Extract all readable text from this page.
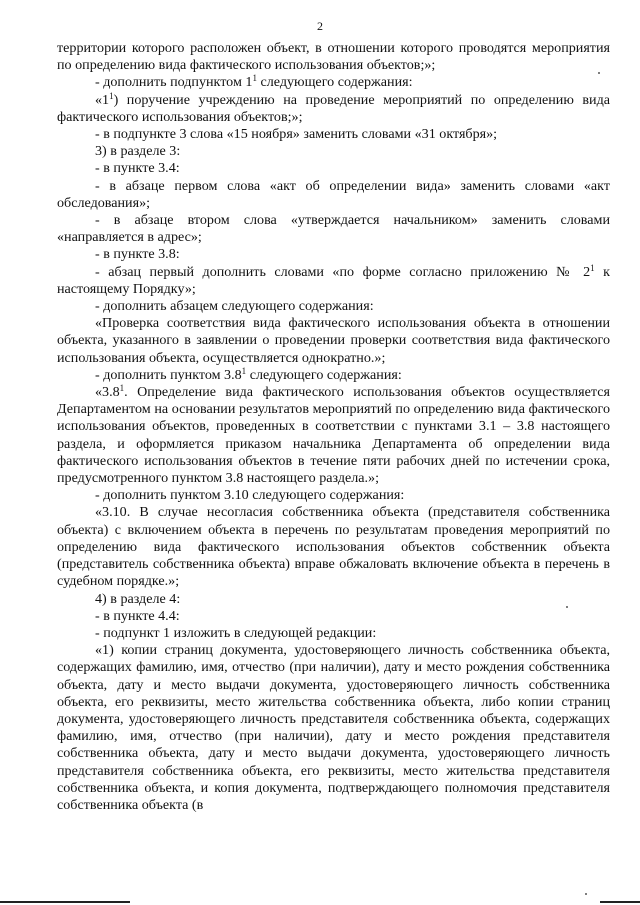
2

территории которого расположен объект, в отношении которого проводятся мероприятия по определению вида фактического использования объектов;»;

- дополнить подпунктом $1^1$ следующего содержания:

«$1^1$) поручение учреждению на проведение мероприятий по определению вида фактического использования объектов;»;

- в подпункте 3 слова «15 ноября» заменить словами «31 октября»;

3) в разделе 3:

- в пункте 3.4:

- в абзаце первом слова «акт об определении вида» заменить словами «акт обследования»;

- в абзаце втором слова «утверждается начальником» заменить словами «направляется в адрес»;

- в пункте 3.8:

- абзац первый дополнить словами «по форме согласно приложению № $2^1$ к настоящему Порядку»;

- дополнить абзацем следующего содержания:

«Проверка соответствия вида фактического использования объекта в отношении объекта, указанного в заявлении о проведении проверки соответствия вида фактического использования объекта, осуществляется однократно.»;

- дополнить пунктом $3.8^1$ следующего содержания:

«$3.8^1$. Определение вида фактического использования объектов осуществляется Департаментом на основании результатов мероприятий по определению вида фактического использования объектов, проведенных в соответствии с пунктами 3.1 – 3.8 настоящего раздела, и оформляется приказом начальника Департамента об определении вида фактического использования объектов в течение пяти рабочих дней по истечении срока, предусмотренного пунктом 3.8 настоящего раздела.»;

- дополнить пунктом 3.10 следующего содержания:

«3.10. В случае несогласия собственника объекта (представителя собственника объекта) с включением объекта в перечень по результатам проведения мероприятий по определению вида фактического использования объектов собственник объекта (представитель собственника объекта) вправе обжаловать включение объекта в перечень в судебном порядке.»;

4) в разделе 4:

- в пункте 4.4:

- подпункт 1 изложить в следующей редакции:

«1) копии страниц документа, удостоверяющего личность собственника объекта, содержащих фамилию, имя, отчество (при наличии), дату и место рождения собственника объекта, дату и место выдачи документа, удостоверяющего личность собственника объекта, его реквизиты, место жительства собственника объекта, либо копии страниц документа, удостоверяющего личность представителя собственника объекта, содержащих фамилию, имя, отчество (при наличии), дату и место рождения представителя собственника объекта, дату и место выдачи документа, удостоверяющего личность представителя собственника объекта, его реквизиты, место жительства представителя собственника объекта, и копия документа, подтверждающего полномочия представителя собственника объекта (в
